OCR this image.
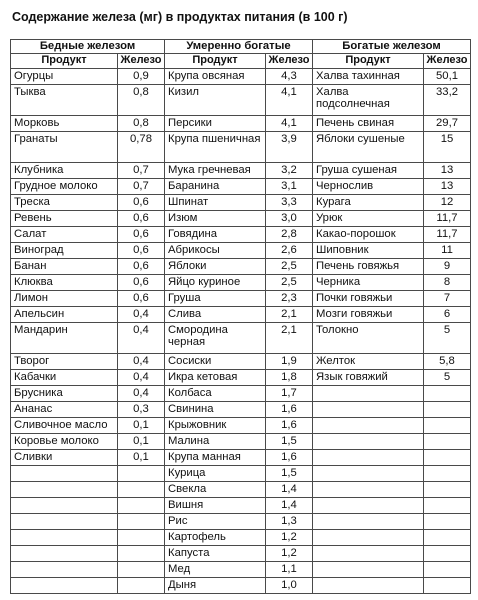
Содержание железа (мг) в продуктах питания (в 100 г)
Бедные железом		Умеренно богатые		Богатые железом	
Продукт	Железо	Продукт	Железо	Продукт	Железо
Огурцы	0,9	Крупа овсяная	4,3	Халва тахинная	50,1
Тыква	0,8	Кизил	4,1	Халва подсолнечная	33,2
Морковь	0,8	Персики	4,1	Печень свиная	29,7
Гранаты	0,78	Крупа пшеничная	3,9	Яблоки сушеные	15
Клубника	0,7	Мука гречневая	3,2	Груша сушеная	13
Грудное молоко	0,7	Баранина	3,1	Чернослив	13
Треска	0,6	Шпинат	3,3	Курага	12
Ревень	0,6	Изюм	3,0	Урюк	11,7
Салат	0,6	Говядина	2,8	Какао-порошок	11,7
Виноград	0,6	Абрикосы	2,6	Шиповник	11
Банан	0,6	Яблоки	2,5	Печень говяжья	9
Клюква	0,6	Яйцо куриное	2,5	Черника	8
Лимон	0,6	Груша	2,3	Почки говяжьи	7
Апельсин	0,4	Слива	2,1	Мозги говяжьи	6
Мандарин	0,4	Смородина черная	2,1	Толокно	5
Творог	0,4	Сосиски	1,9	Желток	5,8
Кабачки	0,4	Икра кетовая	1,8	Язык говяжий	5
Брусника	0,4	Колбаса	1,7		
Ананас	0,3	Свинина	1,6		
Сливочное масло	0,1	Крыжовник	1,6		
Коровье молоко	0,1	Малина	1,5		
Сливки	0,1	Крупа манная	1,6		
		Курица	1,5		
		Свекла	1,4		
		Вишня	1,4		
		Рис	1,3		
		Картофель	1,2		
		Капуста	1,2		
		Мед	1,1		
		Дыня	1,0		
